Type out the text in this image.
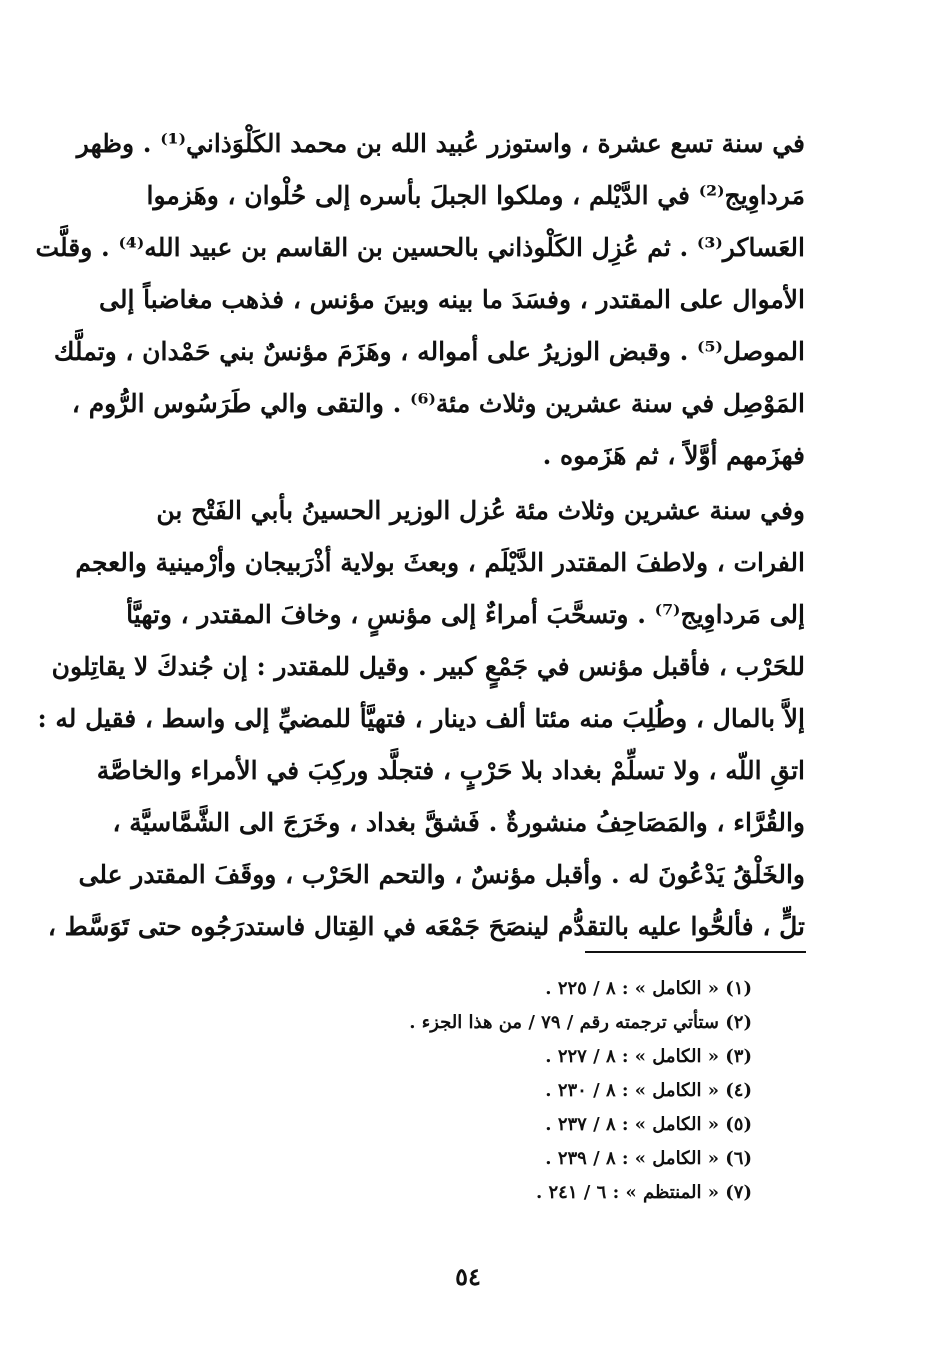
في سنة تسع عشرة ، واستوزر عُبيد الله بن محمد الكَلْوَذاني⁽¹⁾ . وظهر
مَرداوِيج⁽²⁾ في الدَّيْلم ، وملكوا الجبلَ بأسره إلى حُلْوان ، وهَزموا
العَساكر⁽³⁾ . ثم عُزِل الكَلْوذاني بالحسين بن القاسم بن عبيد الله⁽⁴⁾ . وقلَّت
الأموال على المقتدر ، وفسَدَ ما بينه وبينَ مؤنس ، فذهب مغاضباً إلى
الموصل⁽⁵⁾ . وقبض الوزيرُ على أمواله ، وهَزَمَ مؤنسٌ بني حَمْدان ، وتملَّك
المَوْصِل في سنة عشرين وثلاث مئة⁽⁶⁾ . والتقى والي طَرَسُوس الرُّوم ،
فهزَمهم أوَّلاً ، ثم هَزَموه .
وفي سنة عشرين وثلاث مئة عُزل الوزير الحسينُ بأبي الفَتْح بن
الفرات ، ولاطفَ المقتدر الدَّيْلَم ، وبعثَ بولاية أذْرَبيجان وأرْمينية والعجم
إلى مَرداوِيج⁽⁷⁾ . وتسحَّبَ أمراءٌ إلى مؤنسٍ ، وخافَ المقتدر ، وتهيَّأ
للحَرْب ، فأقبل مؤنس في جَمْعٍ كبير . وقيل للمقتدر : إن جُندكَ لا يقاتِلون
إلاَّ بالمال ، وطُلِبَ منه مئتا ألف دينار ، فتهيَّأ للمضيِّ إلى واسط ، فقيل له :
اتقِ اللّه ، ولا تسلِّمْ بغداد بلا حَرْبٍ ، فتجلَّد وركِبَ في الأمراء والخاصَّة
والقُرَّاء ، والمَصَاحِفُ منشورةٌ . فَشقَّ بغداد ، وخَرَجَ الى الشَّمَّاسيَّة ،
والخَلْقُ يَدْعُونَ له . وأقبل مؤنسٌ ، والتحم الحَرْب ، ووقَفَ المقتدر على
تلٍّ ، فألحُّوا عليه بالتقدُّم لينصَحَ جَمْعَه في القِتال فاستدرَجُوه حتى تَوَسَّط ،
(١) « الكامل » : ٨ / ٢٢٥ .
(٢) ستأتي ترجمته رقم / ٧٩ / من هذا الجزء .
(٣) « الكامل » : ٨ / ٢٢٧ .
(٤) « الكامل » : ٨ / ٢٣٠ .
(٥) « الكامل » : ٨ / ٢٣٧ .
(٦) « الكامل » : ٨ / ٢٣٩ .
(٧) « المنتظم » : ٦ / ٢٤١ .
٥٤
